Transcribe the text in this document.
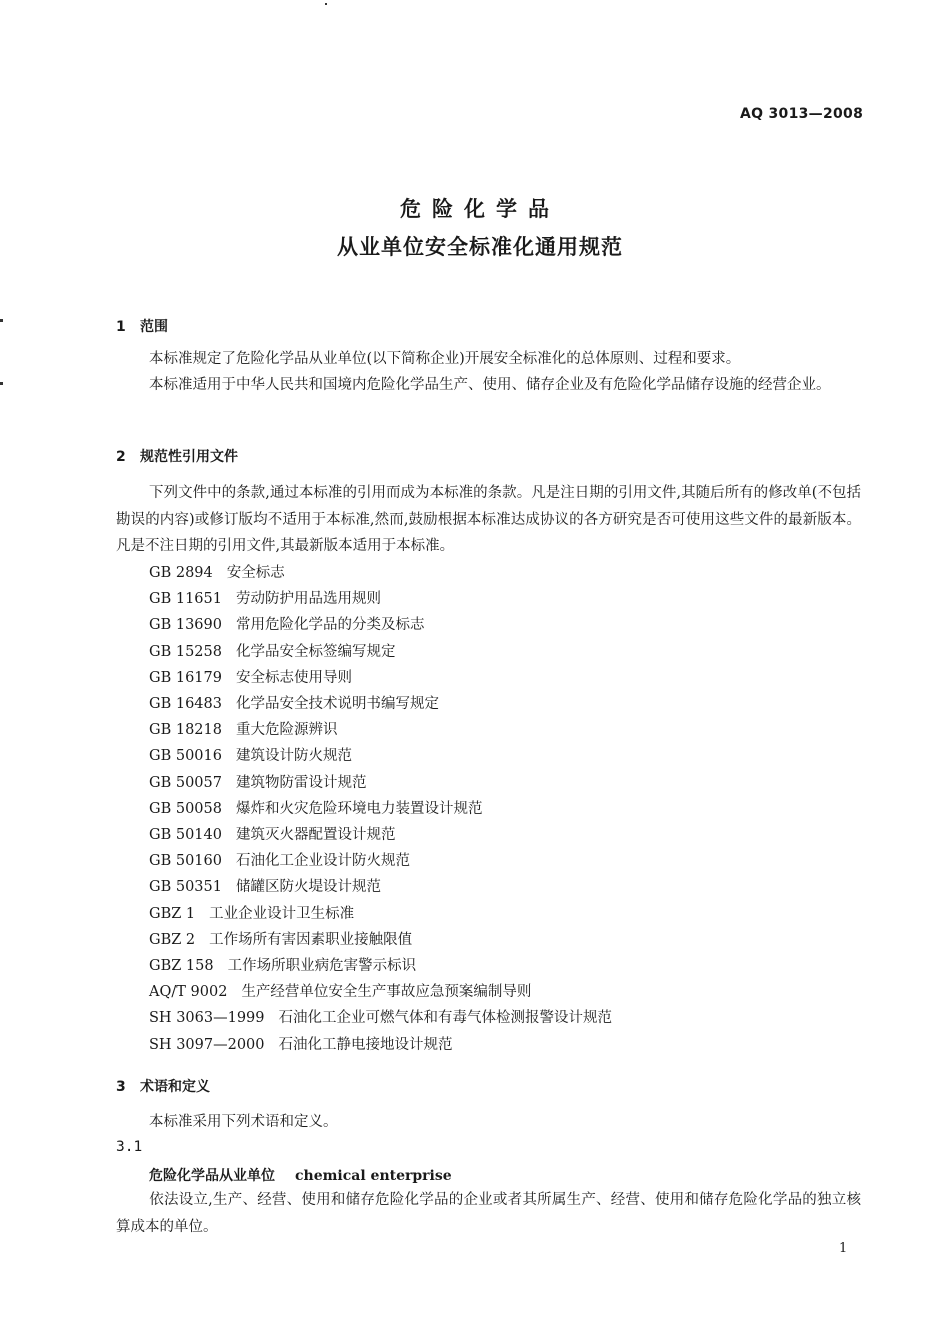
AQ 3013—2008
危险化学品
从业单位安全标准化通用规范
1 范围
本标准规定了危险化学品从业单位(以下简称企业)开展安全标准化的总体原则、过程和要求。
本标准适用于中华人民共和国境内危险化学品生产、使用、储存企业及有危险化学品储存设施的经营企业。
2 规范性引用文件
下列文件中的条款,通过本标准的引用而成为本标准的条款。凡是注日期的引用文件,其随后所有的修改单(不包括勘误的内容)或修订版均不适用于本标准,然而,鼓励根据本标准达成协议的各方研究是否可使用这些文件的最新版本。凡是不注日期的引用文件,其最新版本适用于本标准。
GB 2894 安全标志
GB 11651 劳动防护用品选用规则
GB 13690 常用危险化学品的分类及标志
GB 15258 化学品安全标签编写规定
GB 16179 安全标志使用导则
GB 16483 化学品安全技术说明书编写规定
GB 18218 重大危险源辨识
GB 50016 建筑设计防火规范
GB 50057 建筑物防雷设计规范
GB 50058 爆炸和火灾危险环境电力装置设计规范
GB 50140 建筑灭火器配置设计规范
GB 50160 石油化工企业设计防火规范
GB 50351 储罐区防火堤设计规范
GBZ 1 工业企业设计卫生标准
GBZ 2 工作场所有害因素职业接触限值
GBZ 158 工作场所职业病危害警示标识
AQ/T 9002 生产经营单位安全生产事故应急预案编制导则
SH 3063—1999 石油化工企业可燃气体和有毒气体检测报警设计规范
SH 3097—2000 石油化工静电接地设计规范
3 术语和定义
本标准采用下列术语和定义。
3.1
危险化学品从业单位 chemical enterprise
依法设立,生产、经营、使用和储存危险化学品的企业或者其所属生产、经营、使用和储存危险化学品的独立核算成本的单位。
1
